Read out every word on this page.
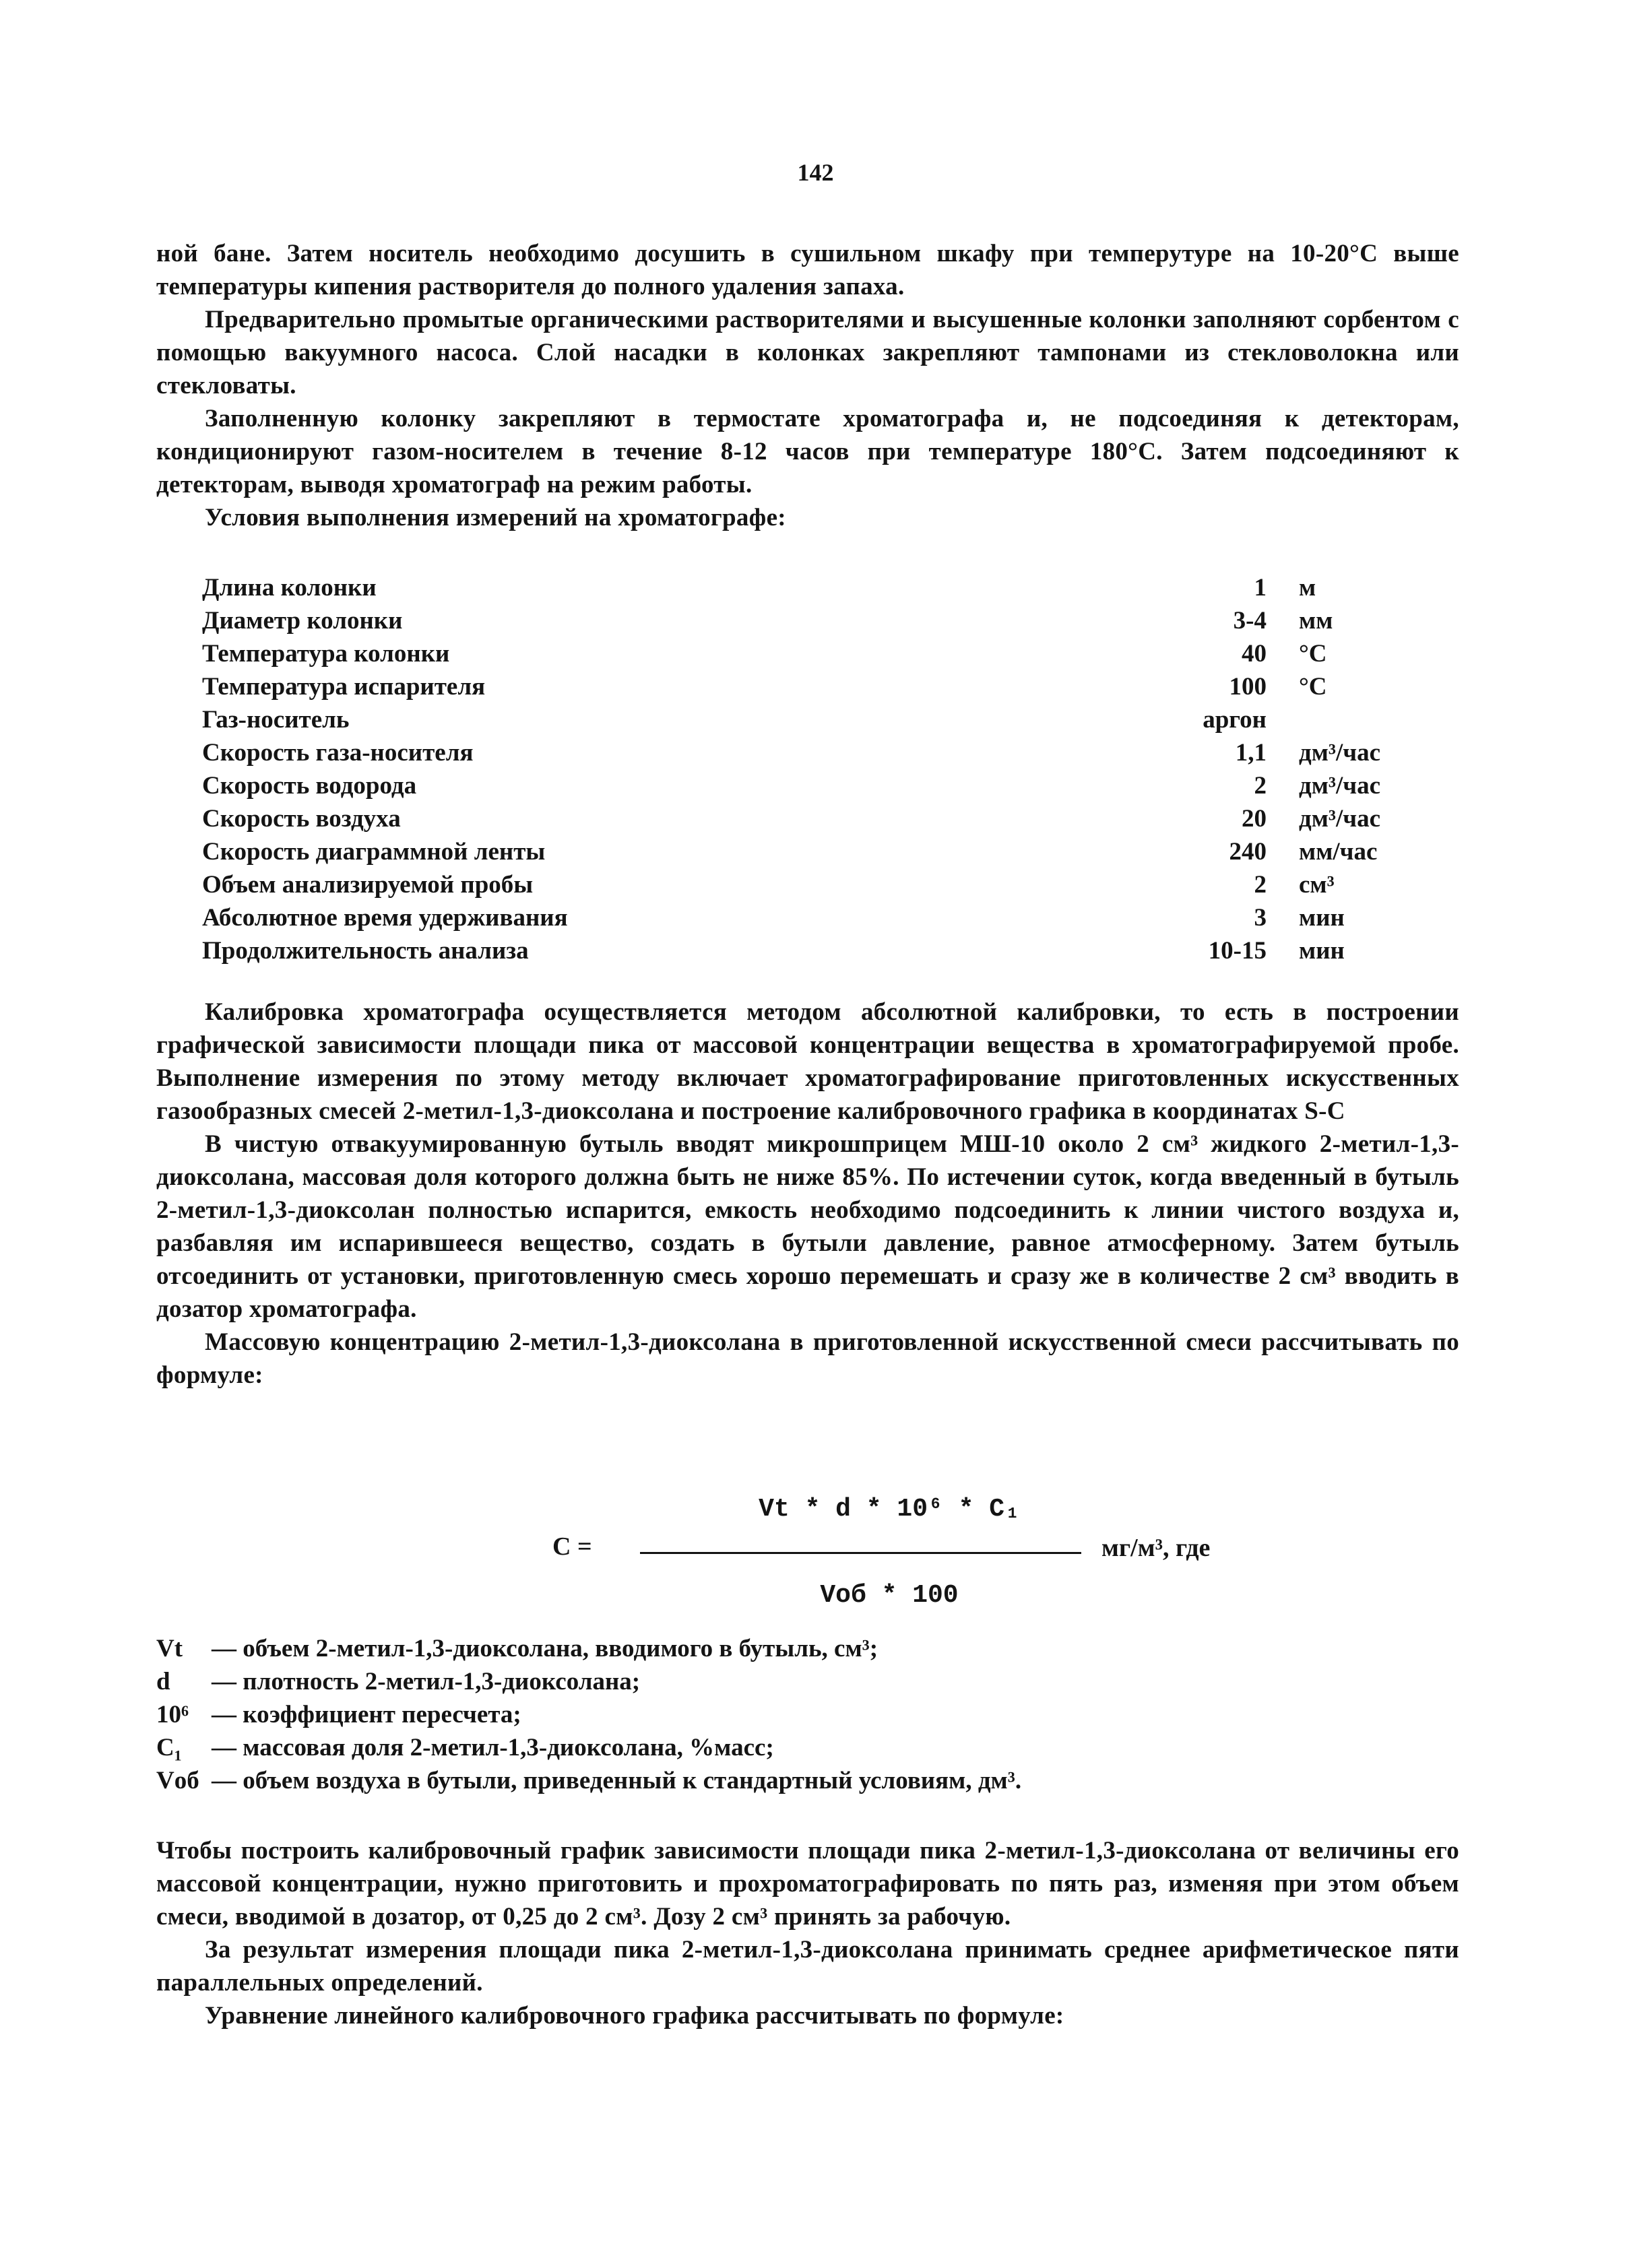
142

ной бане. Затем носитель необходимо досушить в сушильном шкафу при темперутуре на 10-20°С выше температуры кипения растворителя до полного удаления запаха.

Предварительно промытые органическими растворителями и высушенные колонки заполняют сорбентом с помощью вакуумного насоса. Слой насадки в колонках закрепляют тампонами из стекловолокна или стекловаты.

Заполненную колонку закрепляют в термостате хроматографа и, не подсоединяя к детекторам, кондиционируют газом-носителем в течение 8-12 часов при температуре 180°С. Затем подсоединяют к детекторам, выводя хроматограф на режим работы.

Условия выполнения измерений на хроматографе:

Длина колонки	1 м
Диаметр колонки	3-4 мм
Температура колонки	40 °С
Температура испарителя	100 °С
Газ-носитель	аргон
Скорость газа-носителя	1,1 дм³/час
Скорость водорода	2 дм³/час
Скорость воздуха	20 дм³/час
Скорость диаграммной ленты	240 мм/час
Объем анализируемой пробы	2 см³
Абсолютное время удерживания	3 мин
Продолжительность анализа	10-15 мин

Калибровка хроматографа осуществляется методом абсолютной калибровки, то есть в построении графической зависимости площади пика от массовой концентрации вещества в хроматографируемой пробе. Выполнение измерения по этому методу включает хроматографирование приготовленных искусственных газообразных смесей 2-метил-1,3-диоксолана и построение калибровочного графика в координатах S-C

В чистую отвакуумированную бутыль вводят микрошприцем МШ-10 около 2 см³ жидкого 2-метил-1,3-диоксолана, массовая доля которого должна быть не ниже 85%. По истечении суток, когда введенный в бутыль 2-метил-1,3-диоксолан полностью испарится, емкость необходимо подсоединить к линии чистого воздуха и, разбавляя им испарившееся вещество, создать в бутыли давление, равное атмосферному. Затем бутыль отсоединить от установки, приготовленную смесь хорошо перемешать и сразу же в количестве 2 см³ вводить в дозатор хроматографа.

Массовую концентрацию 2-метил-1,3-диоксолана в приготовленной искусственной смеси рассчитывать по формуле:

С =
Vt * d * 10⁶ * C₁
Vоб * 100
мг/м³, где
Vt	— объем 2-метил-1,3-диоксолана, вводимого в бутыль, см³;
d	— плотность 2-метил-1,3-диоксолана;
10⁶ — коэффициент пересчета;
C₁	— массовая доля 2-метил-1,3-диоксолана, %масс;
Vоб — объем воздуха в бутыли, приведенный к стандартный условиям, дм³.

Чтобы построить калибровочный график зависимости площади пика 2-метил-1,3-диоксолана от величины его массовой концентрации, нужно приготовить и прохроматографировать по пять раз, изменяя при этом объем смеси, вводимой в дозатор, от 0,25 до 2 см³. Дозу 2 см³ принять за рабочую.

За результат измерения площади пика 2-метил-1,3-диоксолана принимать среднее арифметическое пяти параллельных определений.

Уравнение линейного калибровочного графика рассчитывать по формуле:
